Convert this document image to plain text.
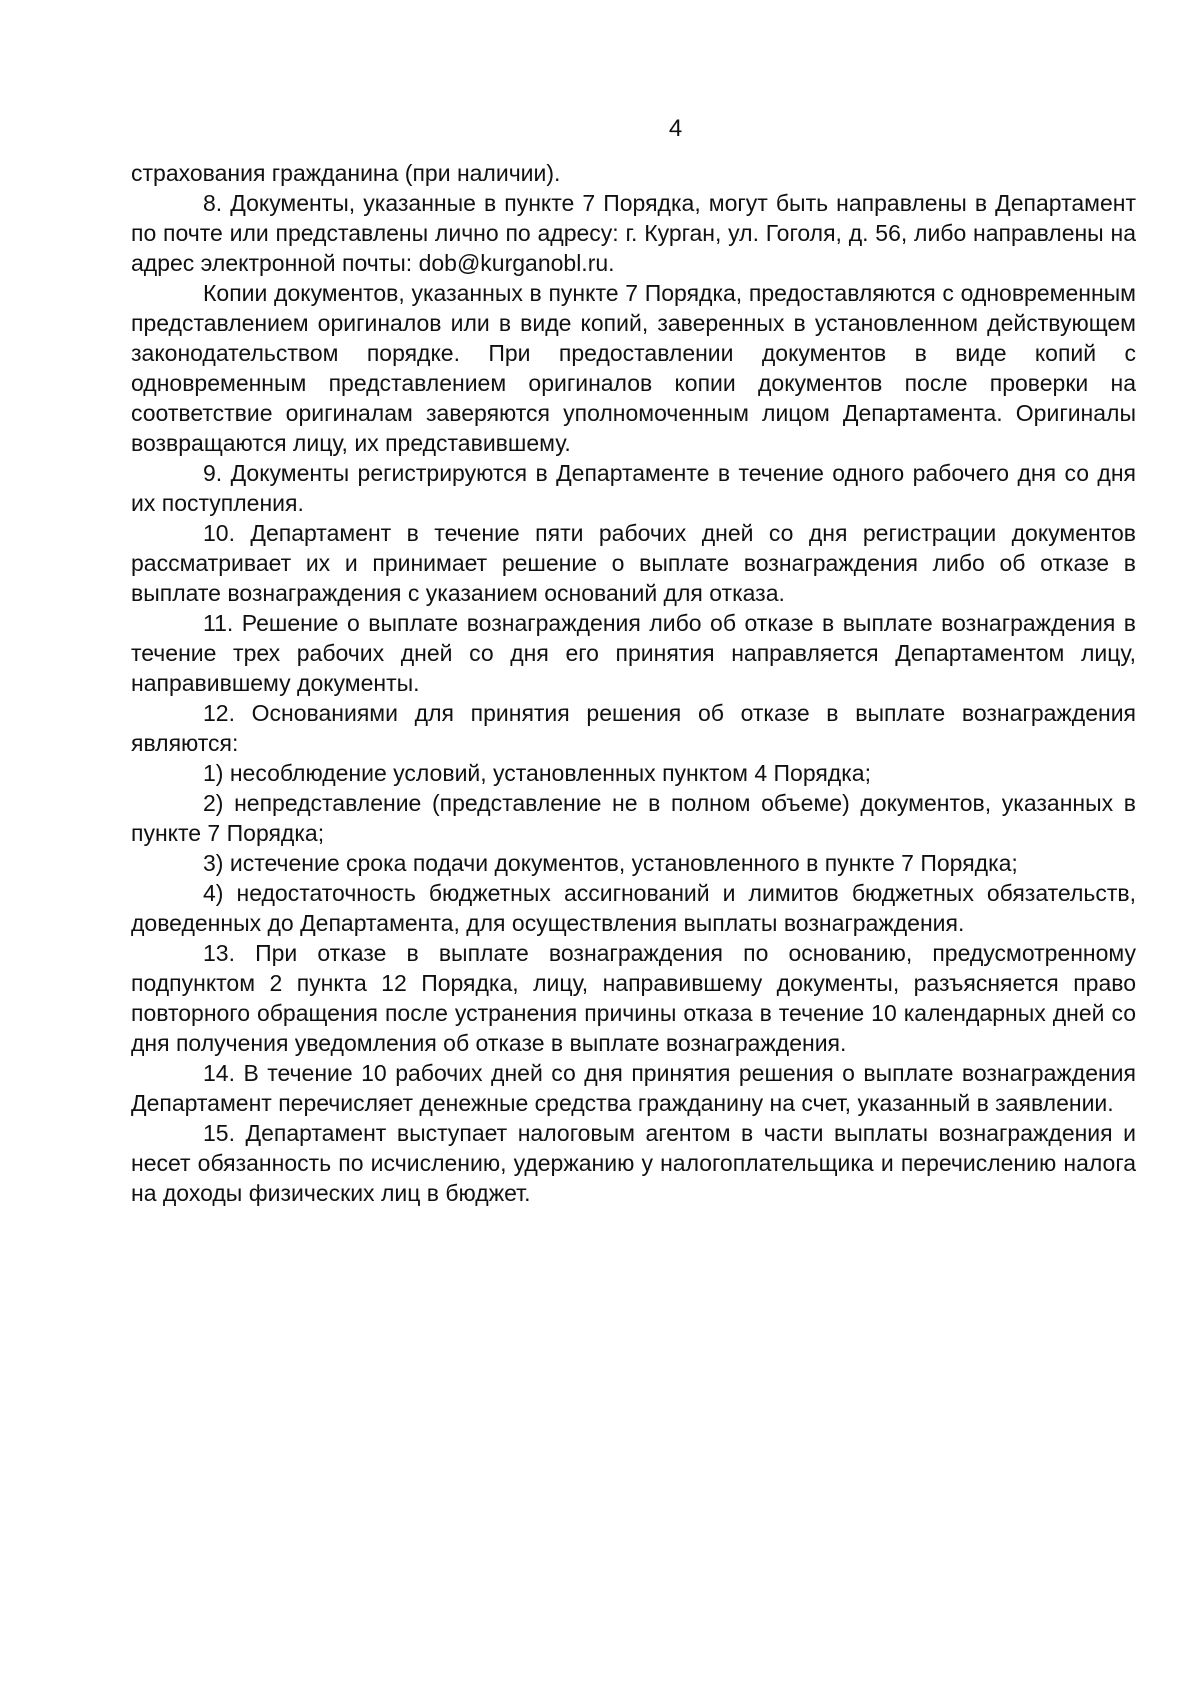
4

страхования гражданина (при наличии).

8. Документы, указанные в пункте 7 Порядка, могут быть направлены в Департамент по почте или представлены лично по адресу: г. Курган, ул. Гоголя, д. 56, либо направлены на адрес электронной почты: dob@kurganobl.ru.

Копии документов, указанных в пункте 7 Порядка, предоставляются с одновременным представлением оригиналов или в виде копий, заверенных в установленном действующем законодательством порядке. При предоставлении документов в виде копий с одновременным представлением оригиналов копии документов после проверки на соответствие оригиналам заверяются уполномоченным лицом Департамента. Оригиналы возвращаются лицу, их представившему.

9. Документы регистрируются в Департаменте в течение одного рабочего дня со дня их поступления.

10. Департамент в течение пяти рабочих дней со дня регистрации документов рассматривает их и принимает решение о выплате вознаграждения либо об отказе в выплате вознаграждения с указанием оснований для отказа.

11. Решение о выплате вознаграждения либо об отказе в выплате вознаграждения в течение трех рабочих дней со дня его принятия направляется Департаментом лицу, направившему документы.

12. Основаниями для принятия решения об отказе в выплате вознаграждения являются:

1) несоблюдение условий, установленных пунктом 4 Порядка;

2) непредставление (представление не в полном объеме) документов, указанных в пункте 7 Порядка;

3) истечение срока подачи документов, установленного в пункте 7 Порядка;

4) недостаточность бюджетных ассигнований и лимитов бюджетных обязательств, доведенных до Департамента, для осуществления выплаты вознаграждения.

13. При отказе в выплате вознаграждения по основанию, предусмотренному подпунктом 2 пункта 12 Порядка, лицу, направившему документы, разъясняется право повторного обращения после устранения причины отказа в течение 10 календарных дней со дня получения уведомления об отказе в выплате вознаграждения.

14. В течение 10 рабочих дней со дня принятия решения о выплате вознаграждения Департамент перечисляет денежные средства гражданину на счет, указанный в заявлении.

15. Департамент выступает налоговым агентом в части выплаты вознаграждения и несет обязанность по исчислению, удержанию у налогоплательщика и перечислению налога на доходы физических лиц в бюджет.
